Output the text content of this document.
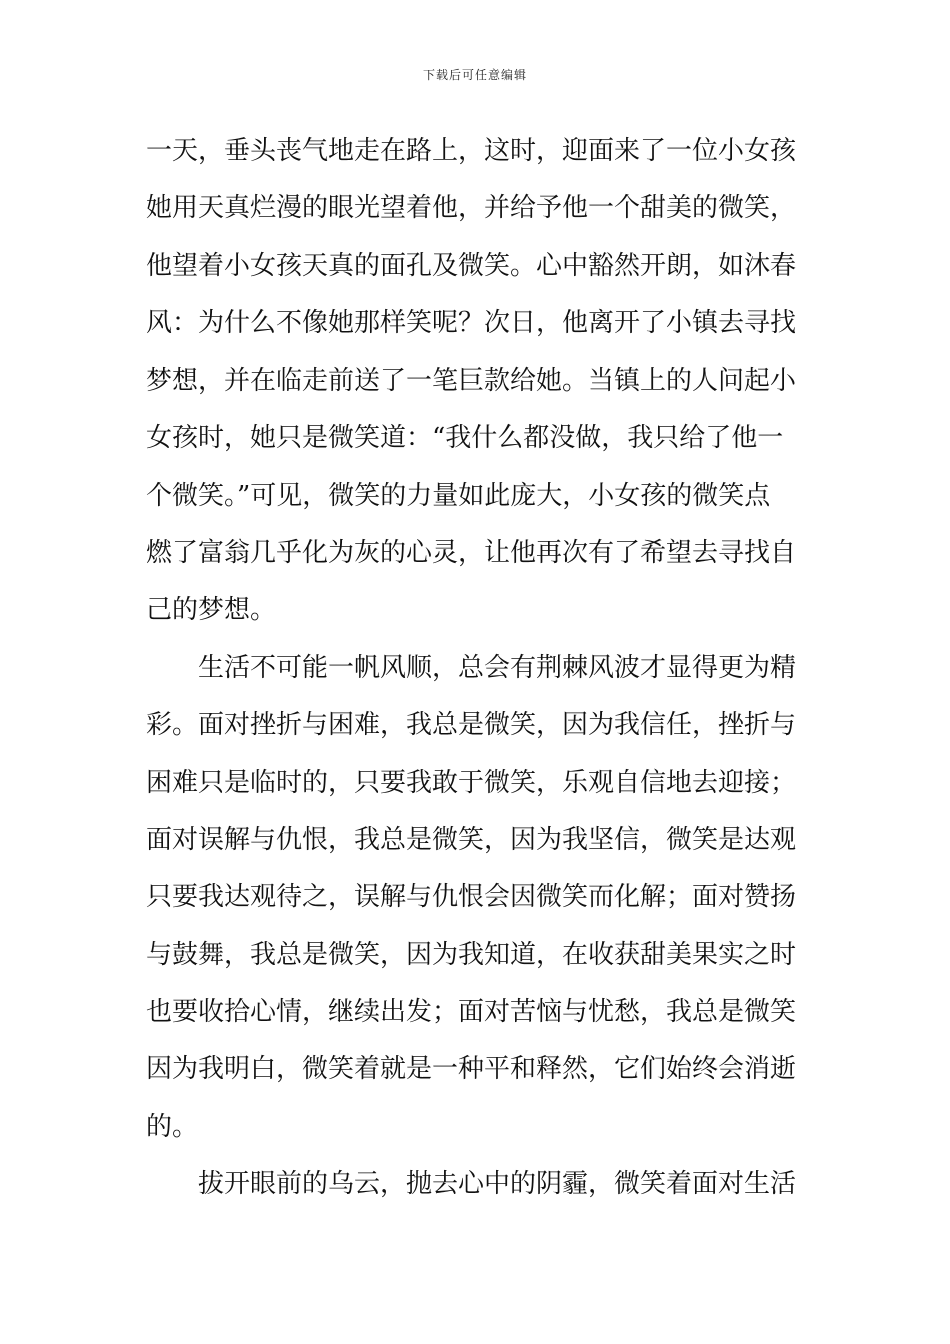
下载后可任意编辑
一天，垂头丧气地走在路上，这时，迎面来了一位小女孩
她用天真烂漫的眼光望着他，并给予他一个甜美的微笑，
他望着小女孩天真的面孔及微笑。心中豁然开朗，如沐春
风：为什么不像她那样笑呢？次日，他离开了小镇去寻找
梦想，并在临走前送了一笔巨款给她。当镇上的人问起小
女孩时，她只是微笑道：“我什么都没做，我只给了他一
个微笑。”可见，微笑的力量如此庞大，小女孩的微笑点
燃了富翁几乎化为灰的心灵，让他再次有了希望去寻找自
己的梦想。
生活不可能一帆风顺，总会有荆棘风波才显得更为精
彩。面对挫折与困难，我总是微笑，因为我信任，挫折与
困难只是临时的，只要我敢于微笑，乐观自信地去迎接；
面对误解与仇恨，我总是微笑，因为我坚信，微笑是达观
只要我达观待之，误解与仇恨会因微笑而化解；面对赞扬
与鼓舞，我总是微笑，因为我知道，在收获甜美果实之时
也要收拾心情，继续出发；面对苦恼与忧愁，我总是微笑
因为我明白，微笑着就是一种平和释然，它们始终会消逝
的。
拔开眼前的乌云，抛去心中的阴霾，微笑着面对生活
